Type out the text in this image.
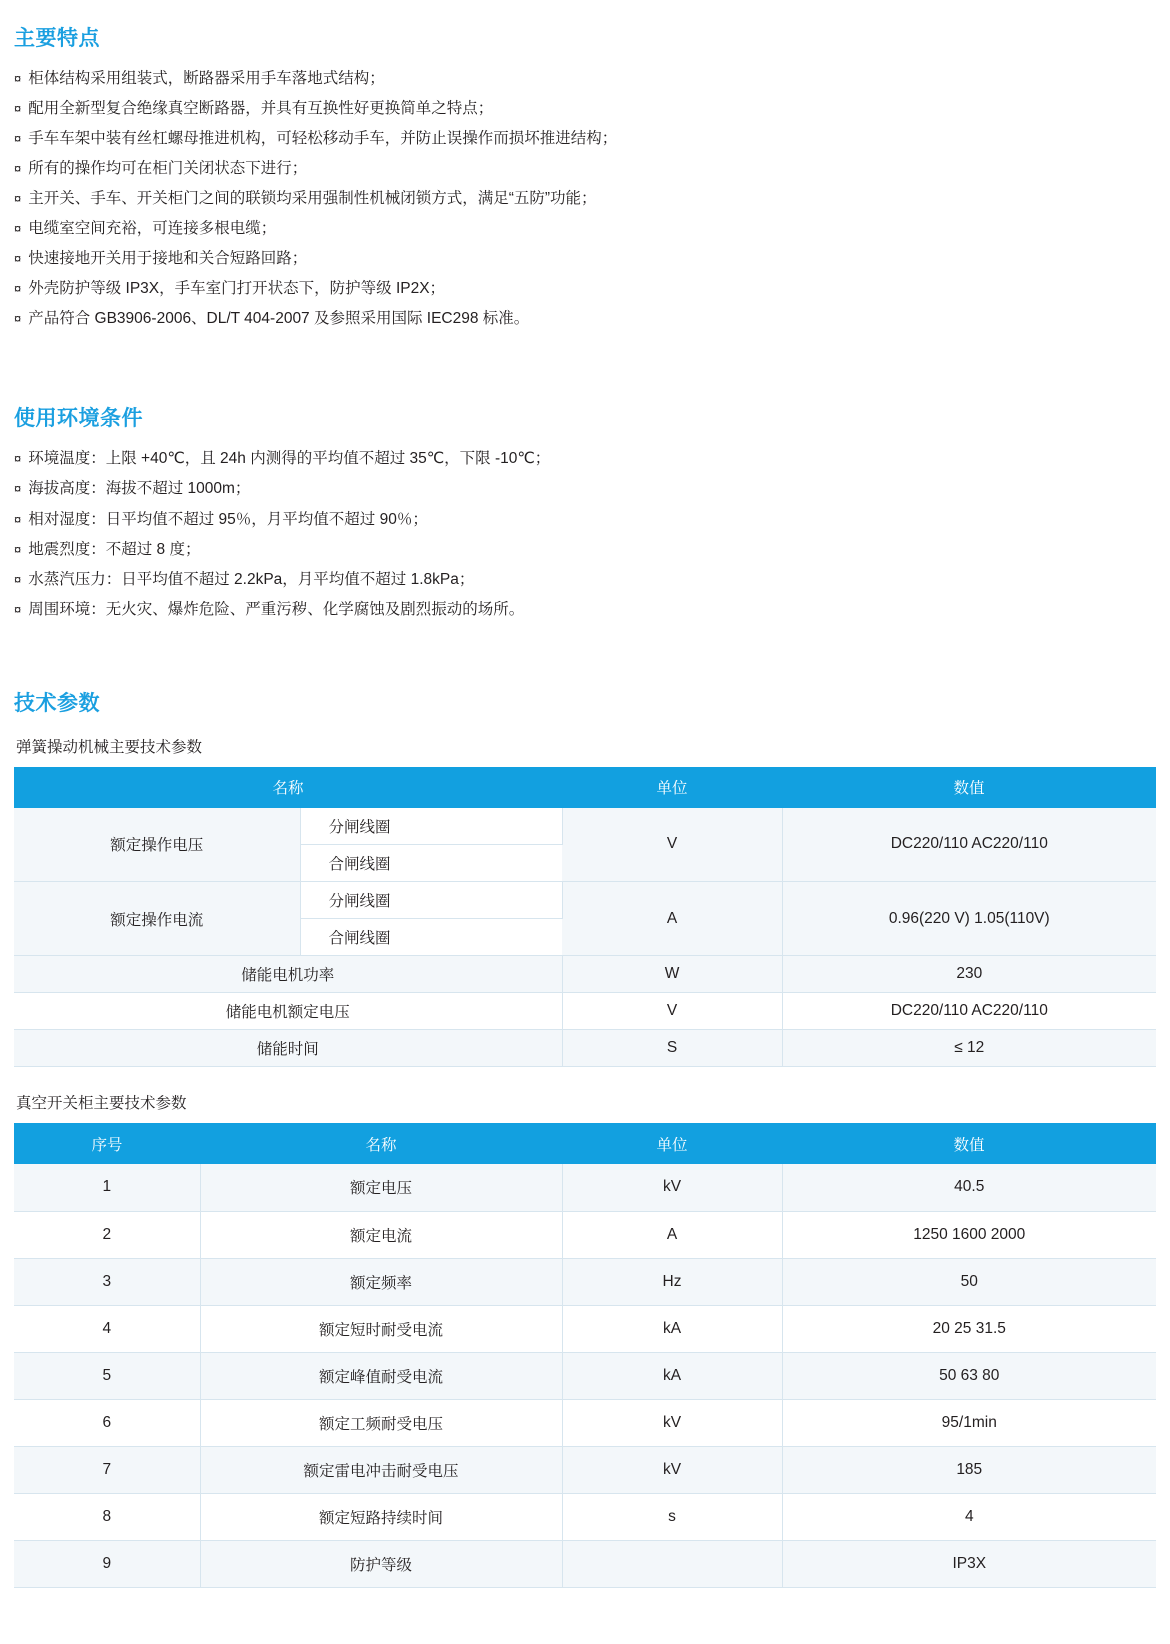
主要特点
¤ 柜体结构采用组装式，断路器采用手车落地式结构；
¤ 配用全新型复合绝缘真空断路器，并具有互换性好更换简单之特点；
¤ 手车车架中装有丝杠螺母推进机构，可轻松移动手车，并防止误操作而损坏推进结构；
¤ 所有的操作均可在柜门关闭状态下进行；
¤ 主开关、手车、开关柜门之间的联锁均采用强制性机械闭锁方式，满足“五防”功能；
¤ 电缆室空间充裕，可连接多根电缆；
¤ 快速接地开关用于接地和关合短路回路；
¤ 外壳防护等级 IP3X，手车室门打开状态下，防护等级 IP2X；
¤ 产品符合 GB3906-2006、DL/T 404-2007 及参照采用国际 IEC298 标准。
使用环境条件
¤ 环境温度：上限 +40℃，且 24h 内测得的平均值不超过 35℃，下限 -10℃；
¤ 海拔高度：海拔不超过 1000m；
¤ 相对湿度：日平均值不超过 95％，月平均值不超过 90％；
¤ 地震烈度：不超过 8 度；
¤ 水蒸汽压力：日平均值不超过 2.2kPa，月平均值不超过 1.8kPa；
¤ 周围环境：无火灾、爆炸危险、严重污秽、化学腐蚀及剧烈振动的场所。
技术参数
弹簧操动机械主要技术参数
名称		单位	数值
额定操作电压	分闸线圈	V	DC220/110 AC220/110
	合闸线圈		
额定操作电流	分闸线圈	A	0.96(220 V) 1.05(110V)
	合闸线圈		
储能电机功率		W	230
储能电机额定电压		V	DC220/110 AC220/110
储能时间		S	≤ 12
真空开关柜主要技术参数
序号	名称	单位	数值
1	额定电压	kV	40.5
2	额定电流	A	1250 1600 2000
3	额定频率	Hz	50
4	额定短时耐受电流	kA	20 25 31.5
5	额定峰值耐受电流	kA	50 63 80
6	额定工频耐受电压	kV	95/1min
7	额定雷电冲击耐受电压	kV	185
8	额定短路持续时间	s	4
9	防护等级		IP3X
